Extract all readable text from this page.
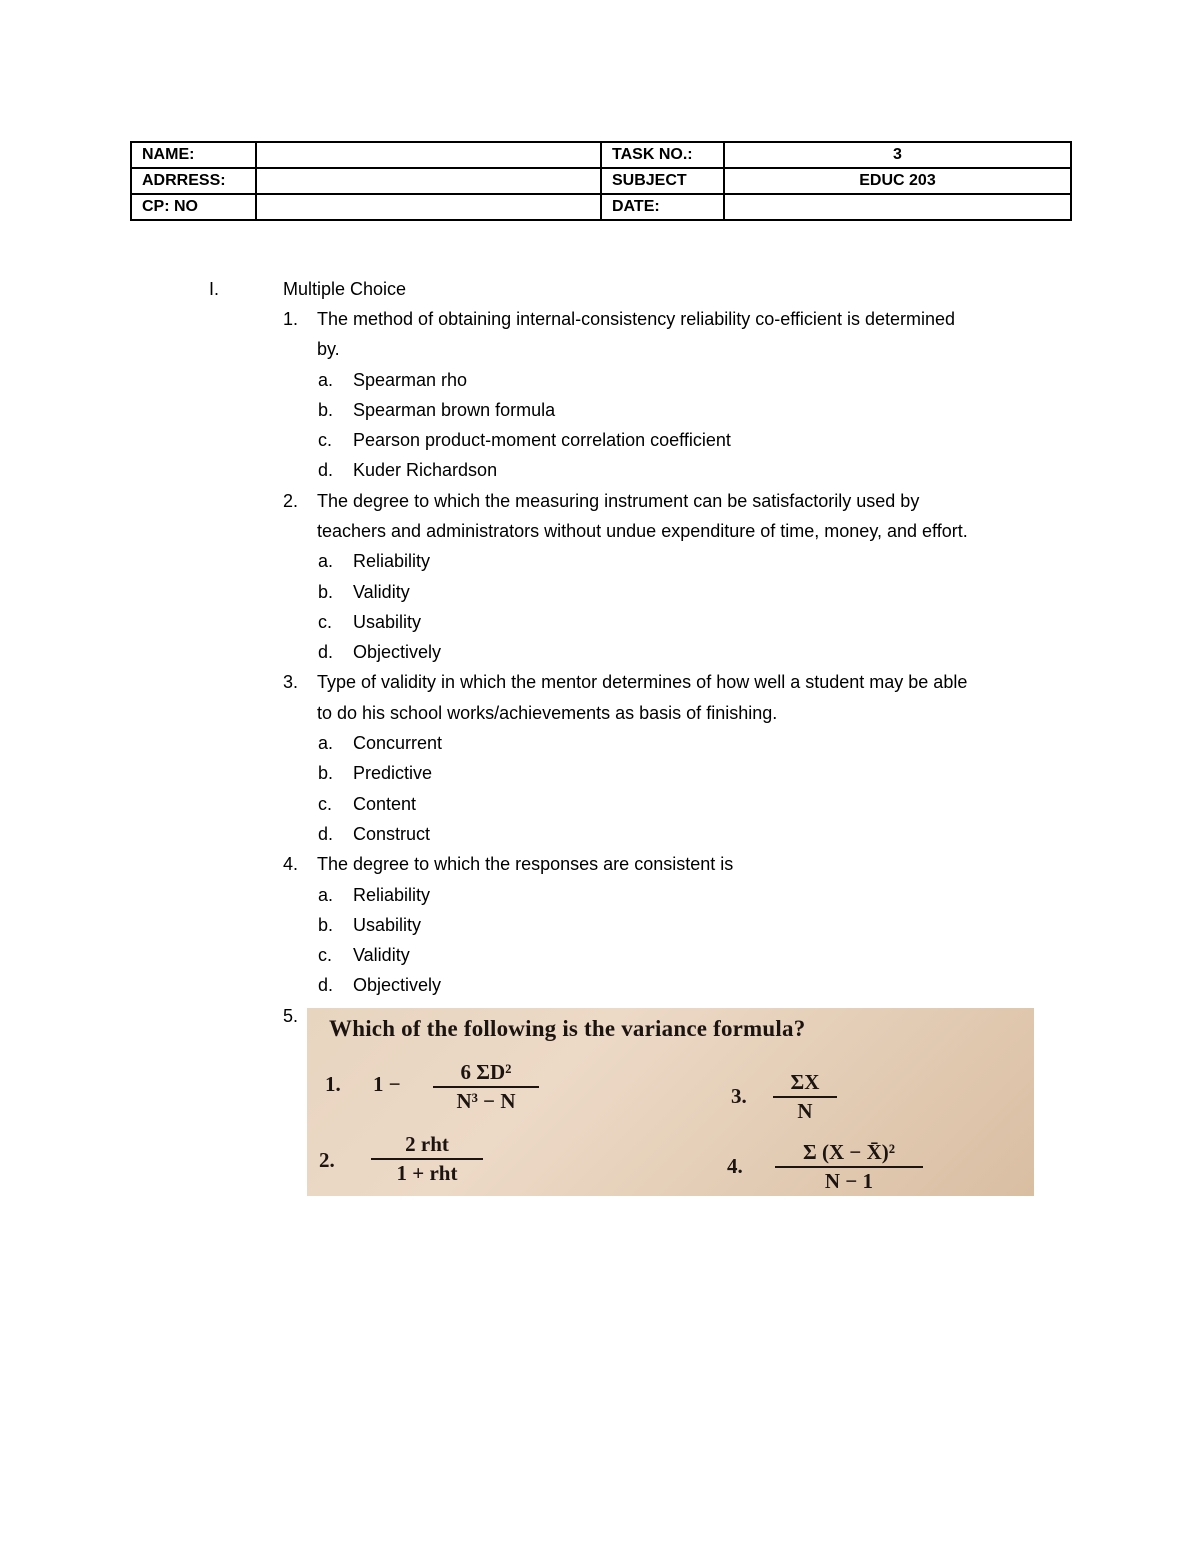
NAME:		TASK NO.:	3
ADRRESS:		SUBJECT	EDUC 203
CP: NO		DATE:	
I.	Multiple Choice
1. The method of obtaining internal-consistency reliability co-efficient is determined
by.
a. Spearman rho
b. Spearman brown formula
c. Pearson product-moment correlation coefficient
d. Kuder Richardson
2. The degree to which the measuring instrument can be satisfactorily used by
teachers and administrators without undue expenditure of time, money, and effort.
a. Reliability
b. Validity
c. Usability
d. Objectively
3. Type of validity in which the mentor determines of how well a student may be able
to do his school works/achievements as basis of finishing.
a. Concurrent
b. Predictive
c. Content
d. Construct
4. The degree to which the responses are consistent is
a. Reliability
b. Usability
c. Validity
d. Objectively
5. Which of the following is the variance formula?
1. $1 - \frac{\text{6 ΣD²}}{\text{N³ − N}}$
2.
2 rht
1 + rht
3. $\frac{\Sigma X}{N}$
4. $\frac{\text{Σ (X − X̄)²}}{N - 1}$
